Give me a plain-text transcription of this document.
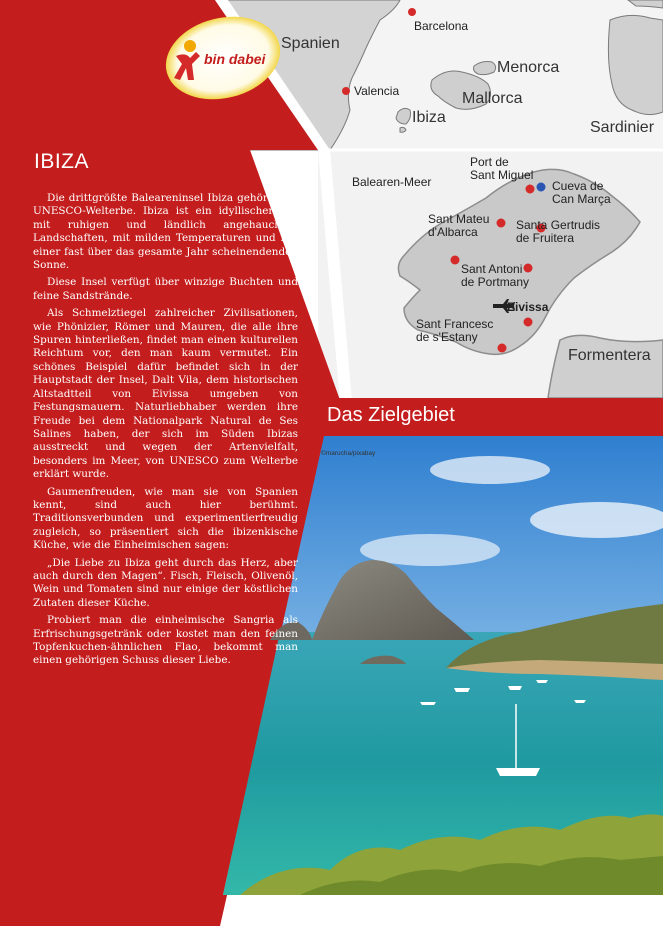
bin dabei
Spanien
Barcelona
Valencia
Menorca
Mallorca
Ibiza
Sardinier
Balearen-Meer
Port de
Sant Miguel
Cueva de
Can Marça
Sant Mateu
d'Albarca	Santa Gertrudis
de Fruitera
Sant Antoni
de Portmany
Eivissa
Sant Francesc
de s'Estany
Formentera
IBIZA

Die drittgrößte Baleareninsel Ibiza gehört zum UNESCO-Welterbe. Ibiza ist ein idyllischer Ort mit ruhigen und ländlich angehauchten Landschaften, mit milden Temperaturen und mit einer fast über das gesamte Jahr scheinendenden Sonne.

Diese Insel verfügt über winzige Buchten und feine Sandstrände.

Als Schmelztiegel zahlreicher Zivilisationen, wie Phönizier, Römer und Mauren, die alle ihre Spuren hinterließen, findet man einen kulturellen Reichtum vor, den man kaum vermutet. Ein schönes Beispiel dafür befindet sich in der Hauptstadt der Insel, Dalt Vila, dem historischen Altstadtteil von Eivissa umgeben von Festungsmauern. Naturliebhaber werden ihre Freude bei dem Nationalpark Natural de Ses Salines haben, der sich im Süden Ibizas ausstreckt und wegen der Artenvielfalt, besonders im Meer, von UNESCO zum Welterbe erklärt wurde.

Gaumenfreuden, wie man sie von Spanien kennt, sind auch hier berühmt. Traditionsverbunden und experimentierfreudig zugleich, so präsentiert sich die ibizenkische Küche, wie die Einheimischen sagen:

„Die Liebe zu Ibiza geht durch das Herz, aber auch durch den Magen“. Fisch, Fleisch, Olivenöl, Wein und Tomaten sind nur einige der köstlichen Zutaten dieser Küche.

Probiert man die einheimische Sangria als Erfrischungsgetränk oder kostet man den feinen Topfenkuchen-ähnlichen Flao, bekommt man einen gehörigen Schuss dieser Liebe.

Das Zielgebiet
©marucha/pixabay
